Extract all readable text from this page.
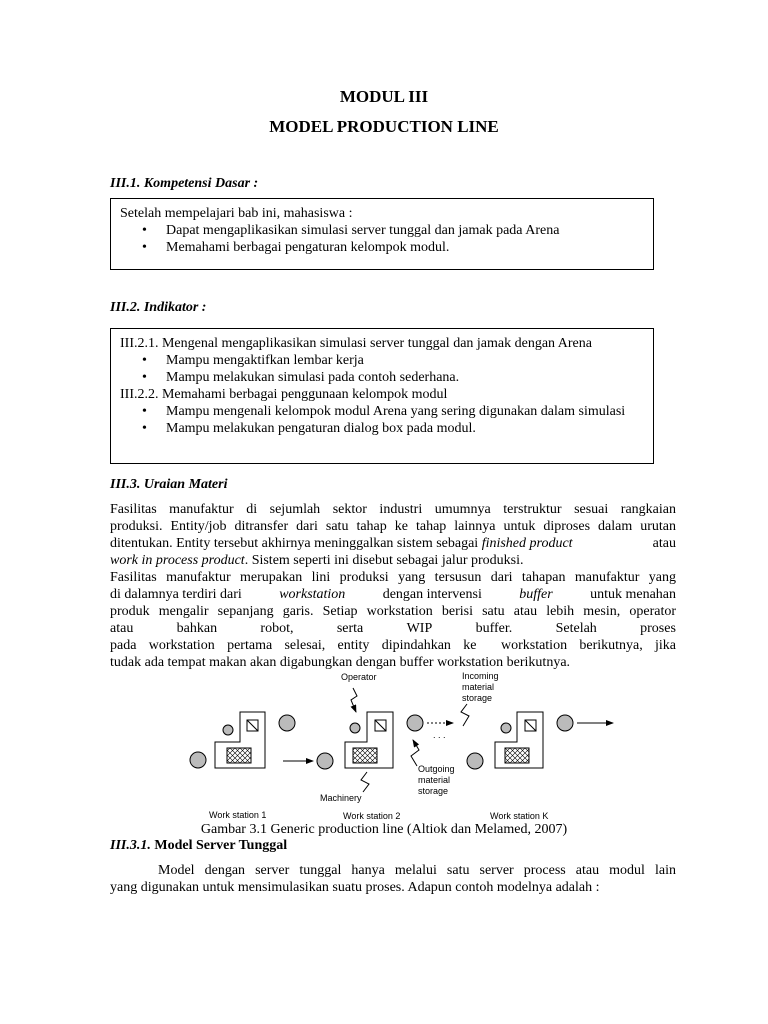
MODUL III
MODEL PRODUCTION LINE
III.1. Kompetensi Dasar :
Setelah mempelajari bab ini, mahasiswa :
• Dapat mengaplikasikan simulasi server tunggal dan jamak pada Arena
• Memahami berbagai pengaturan kelompok modul.
III.2. Indikator :
III.2.1. Mengenal mengaplikasikan simulasi server tunggal dan jamak dengan Arena
• Mampu mengaktifkan lembar kerja
• Mampu melakukan simulasi pada contoh sederhana.
III.2.2. Memahami berbagai penggunaan kelompok modul
• Mampu mengenali kelompok modul Arena yang sering digunakan dalam simulasi
• Mampu melakukan pengaturan dialog box pada modul.
III.3. Uraian Materi
Fasilitas manufaktur di sejumlah sektor industri umumnya terstruktur sesuai rangkaian
produksi. Entity/job ditransfer dari satu tahap ke tahap lainnya untuk diproses dalam urutan
ditentukan. Entity tersebut akhirnya meninggalkan sistem sebagai finished product	atau
work in process product. Sistem seperti ini disebut sebagai jalur produksi.
Fasilitas manufaktur merupakan lini produksi yang tersusun dari tahapan manufaktur yang
di dalamnya terdiri dari workstation dengan intervensi buffer untuk menahan
produk mengalir sepanjang garis. Setiap workstation berisi satu atau lebih mesin, operator
atau	bahkan	robot,	serta	WIP	buffer.	Setelah	proses
pada workstation pertama selesai, entity dipindahkan ke  workstation berikutnya, jika
tudak ada tempat makan akan digabungkan dengan buffer workstation berikutnya.
Operator	Incoming
material
storage
. . .
Outgoing
material
storage
Machinery
Work station 1	Work station 2	Work station K
Gambar 3.1 Generic production line (Altiok dan Melamed, 2007)
III.3.1. Model Server Tunggal
Model dengan server tunggal hanya melalui satu server process atau modul lain
yang digunakan untuk mensimulasikan suatu proses. Adapun contoh modelnya adalah :
